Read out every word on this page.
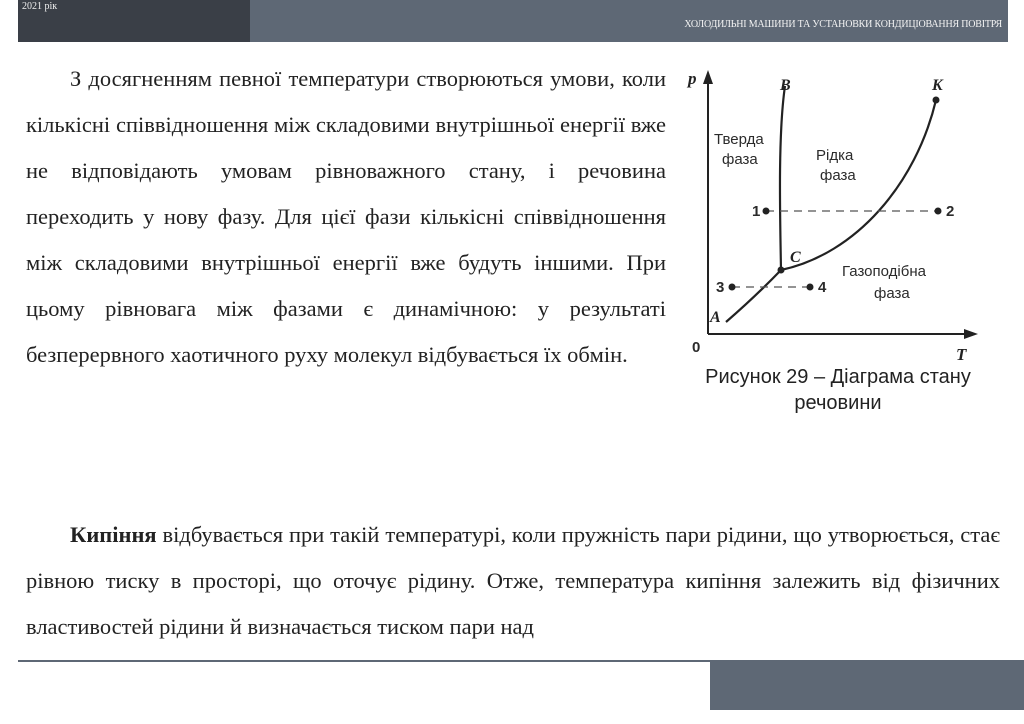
2021 рік
ХОЛОДИЛЬНІ МАШИНИ ТА УСТАНОВКИ КОНДИЦІОВАННЯ ПОВІТРЯ

З досягненням певної температури створюються умови, коли кількісні співвідношення між складовими внутрішньої енергії вже не відповідають умовам рівноважного стану, і речовина переходить у нову фазу. Для цієї фази кількісні співвідношення між складовими внутрішньої енергії вже будуть іншими. При цьому рівновага між фазами є динамічною: у результаті безперервного хаотичного руху молекул відбувається їх обмін.

p
T
0
B	K
C
A
Тверда
фаза	Рідка
фаза
Газоподібна
фаза
1	2
3	4
Рисунок 29 – Діаграма стану речовини

Кипіння відбувається при такій температурі, коли пружність пари рідини, що утворюється, стає рівною тиску в просторі, що оточує рідину. Отже, температура кипіння залежить від фізичних властивостей рідини й визначається тиском пари над
